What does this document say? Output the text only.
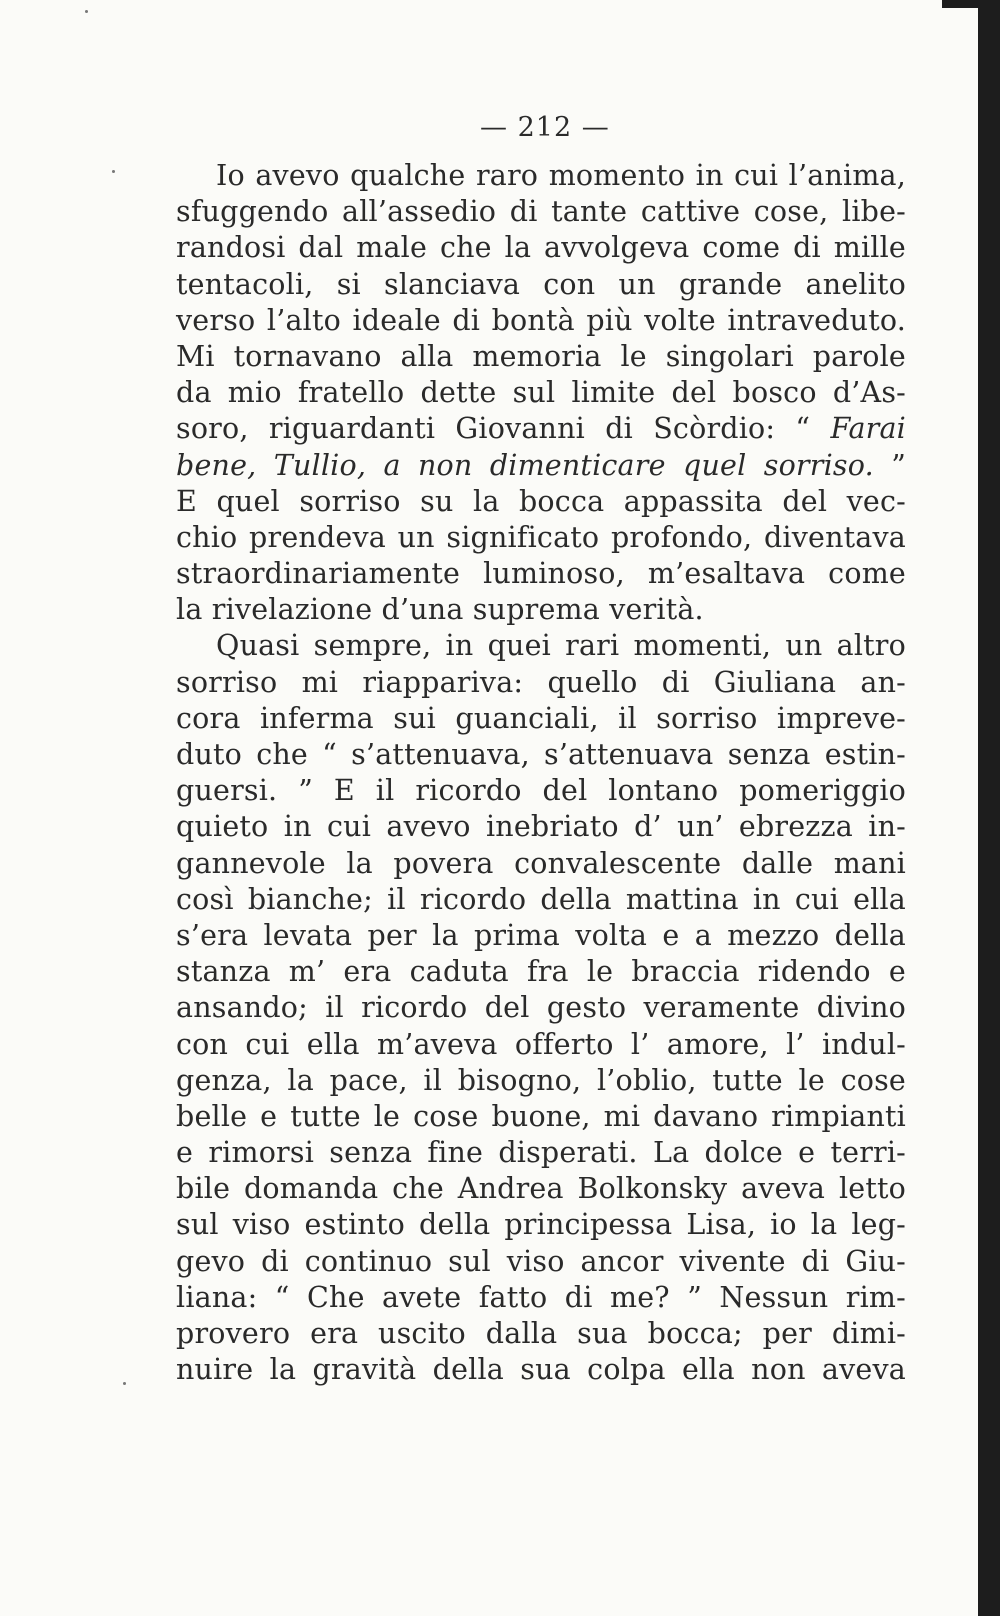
— 212 —
Io avevo qualche raro momento in cui l’anima,
sfuggendo all’assedio di tante cattive cose, libe-
randosi dal male che la avvolgeva come di mille
tentacoli, si slanciava con un grande anelito
verso l’alto ideale di bontà più volte intraveduto.
Mi tornavano alla memoria le singolari parole
da mio fratello dette sul limite del bosco d’As-
soro, riguardanti Giovanni di Scòrdio: “ Farai
bene, Tullio, a non dimenticare quel sorriso. ”
E quel sorriso su la bocca appassita del vec-
chio prendeva un significato profondo, diventava
straordinariamente luminoso, m’esaltava come
la rivelazione d’una suprema verità.
Quasi sempre, in quei rari momenti, un altro
sorriso mi riappariva: quello di Giuliana an-
cora inferma sui guanciali, il sorriso impreve-
duto che “ s’attenuava, s’attenuava senza estin-
guersi. ” E il ricordo del lontano pomeriggio
quieto in cui avevo inebriato d’ un’ ebrezza in-
gannevole la povera convalescente dalle mani
così bianche; il ricordo della mattina in cui ella
s’era levata per la prima volta e a mezzo della
stanza m’ era caduta fra le braccia ridendo e
ansando; il ricordo del gesto veramente divino
con cui ella m’aveva offerto l’ amore, l’ indul-
genza, la pace, il bisogno, l’oblio, tutte le cose
belle e tutte le cose buone, mi davano rimpianti
e rimorsi senza fine disperati. La dolce e terri-
bile domanda che Andrea Bolkonsky aveva letto
sul viso estinto della principessa Lisa, io la leg-
gevo di continuo sul viso ancor vivente di Giu-
liana: “ Che avete fatto di me? ” Nessun rim-
provero era uscito dalla sua bocca; per dimi-
nuire la gravità della sua colpa ella non aveva
